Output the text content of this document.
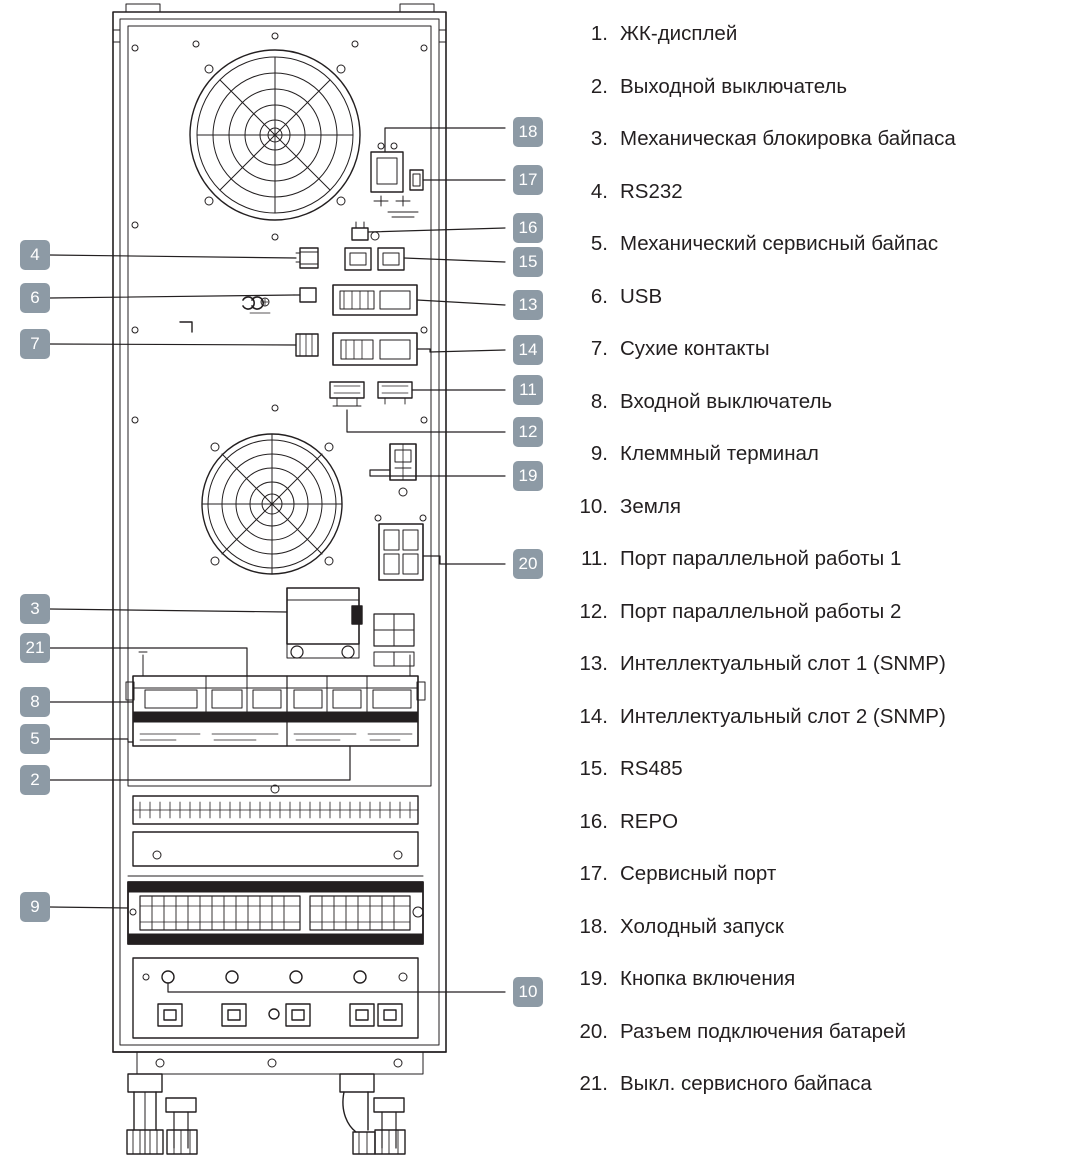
18
17
16
15
13
14
11
12
19
20
10
4
6
7
3
21
8
5
2
9
1. ЖК-дисплей
2. Выходной выключатель
3. Механическая блокировка байпаса
4. RS232
5. Механический сервисный байпас
6. USB
7. Сухие контакты
8. Входной выключатель
9. Клеммный терминал
10. Земля
11. Порт параллельной работы 1
12. Порт параллельной работы 2
13. Интеллектуальный слот 1 (SNMP)
14. Интеллектуальный слот 2 (SNMP)
15. RS485
16. REPO
17. Сервисный порт
18. Холодный запуск
19. Кнопка включения
20. Разъем подключения батарей
21. Выкл. сервисного байпаса
